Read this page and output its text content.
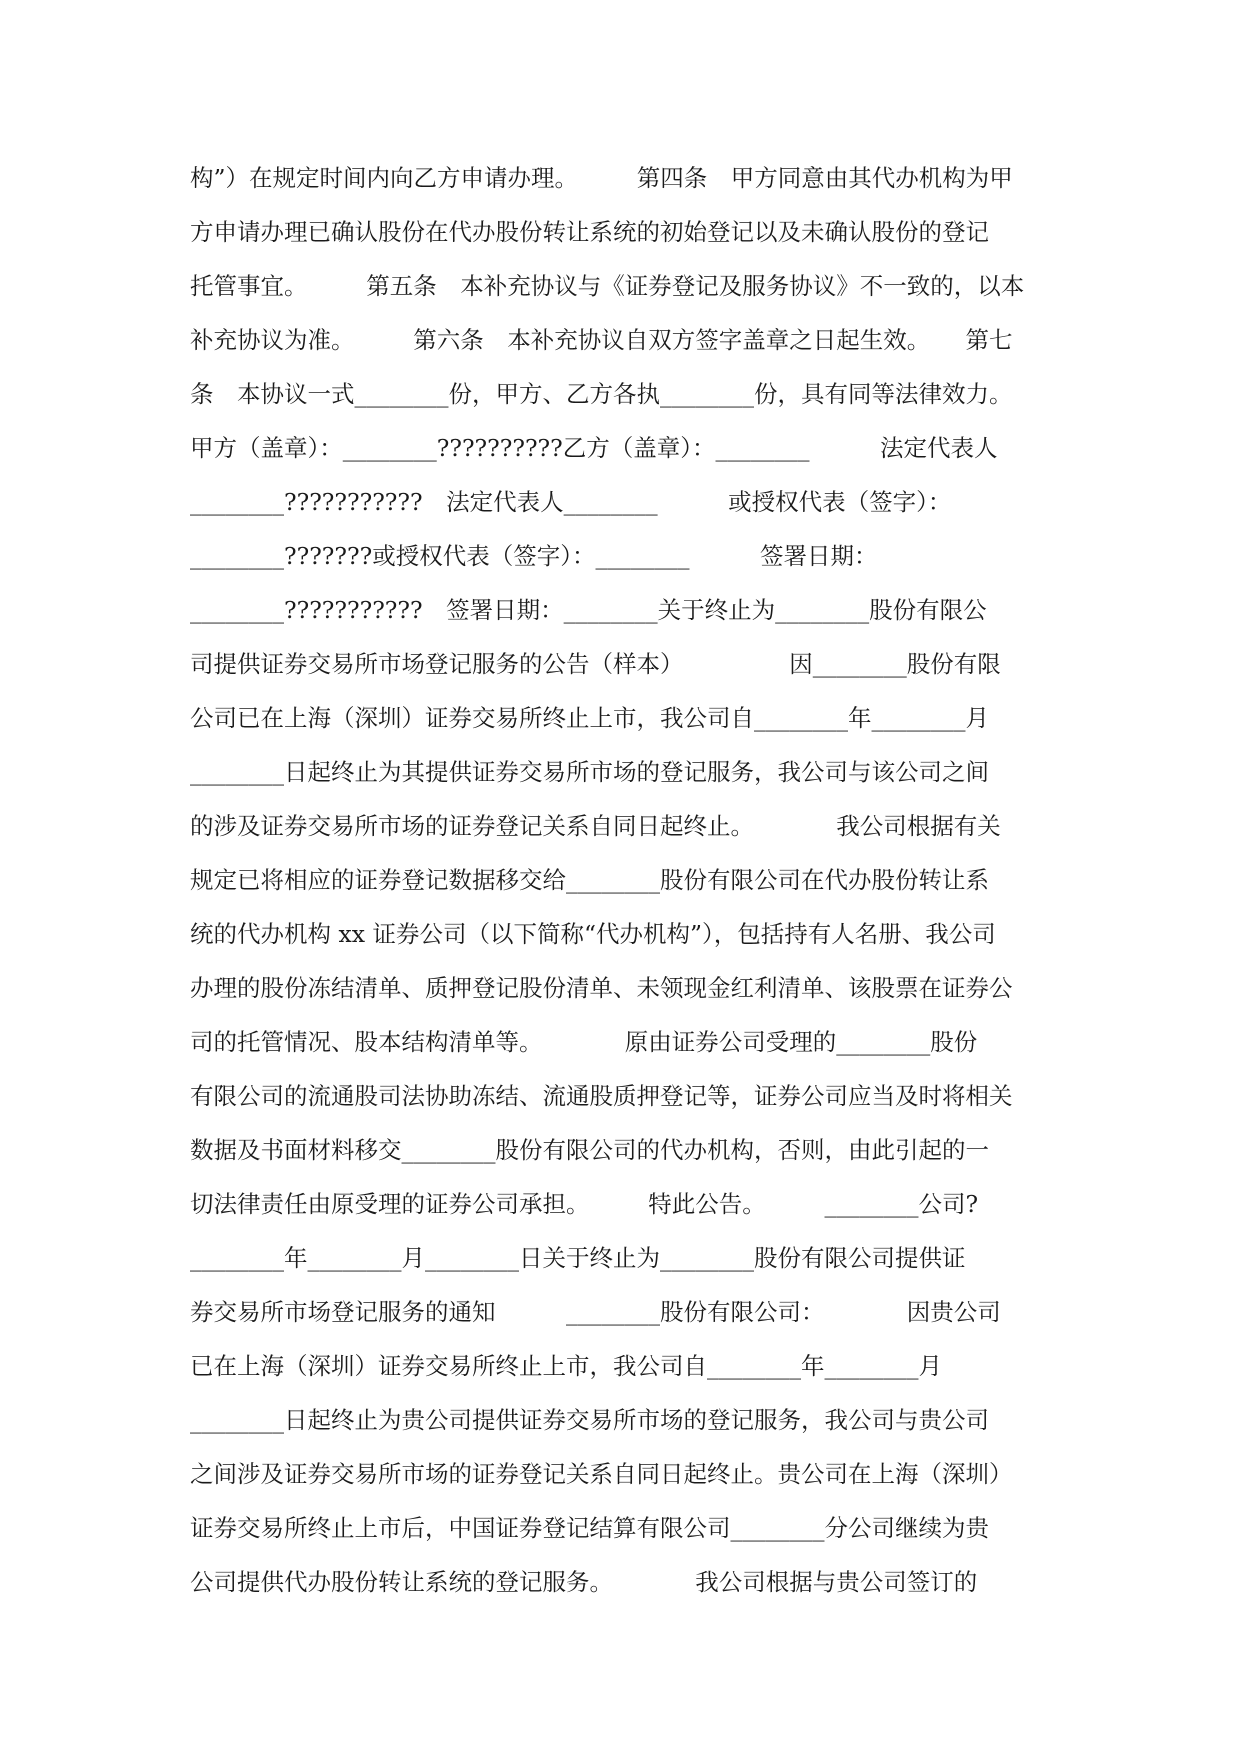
构”）在规定时间内向乙方申请办理。　　　第四条　甲方同意由其代办机构为甲
方申请办理已确认股份在代办股份转让系统的初始登记以及未确认股份的登记
托管事宜。　　　第五条　本补充协议与《证券登记及服务协议》不一致的，以本
补充协议为准。　　　第六条　本补充协议自双方签字盖章之日起生效。　　第七
条　本协议一式________份，甲方、乙方各执________份，具有同等法律效力。
甲方（盖章）：________??????????乙方（盖章）：________　　　法定代表人
________???????????　法定代表人________　　　或授权代表（签字）：
________???????或授权代表（签字）：________　　　签署日期：
________???????????　签署日期：________关于终止为________股份有限公
司提供证券交易所市场登记服务的公告（样本）　　　　　因________股份有限
公司已在上海（深圳）证券交易所终止上市，我公司自________年________月
________日起终止为其提供证券交易所市场的登记服务，我公司与该公司之间
的涉及证券交易所市场的证券登记关系自同日起终止。　　　　我公司根据有关
规定已将相应的证券登记数据移交给________股份有限公司在代办股份转让系
统的代办机构 xx 证券公司（以下简称“代办机构”），包括持有人名册、我公司
办理的股份冻结清单、质押登记股份清单、未领现金红利清单、该股票在证券公
司的托管情况、股本结构清单等。　　　　原由证券公司受理的________股份
有限公司的流通股司法协助冻结、流通股质押登记等，证券公司应当及时将相关
数据及书面材料移交________股份有限公司的代办机构，否则，由此引起的一
切法律责任由原受理的证券公司承担。　　　特此公告。　　　________公司?
________年________月________日关于终止为________股份有限公司提供证
券交易所市场登记服务的通知　　　________股份有限公司：　　　　因贵公司
已在上海（深圳）证券交易所终止上市，我公司自________年________月
________日起终止为贵公司提供证券交易所市场的登记服务，我公司与贵公司
之间涉及证券交易所市场的证券登记关系自同日起终止。贵公司在上海（深圳）
证券交易所终止上市后，中国证券登记结算有限公司________分公司继续为贵
公司提供代办股份转让系统的登记服务。　　　　我公司根据与贵公司签订的
